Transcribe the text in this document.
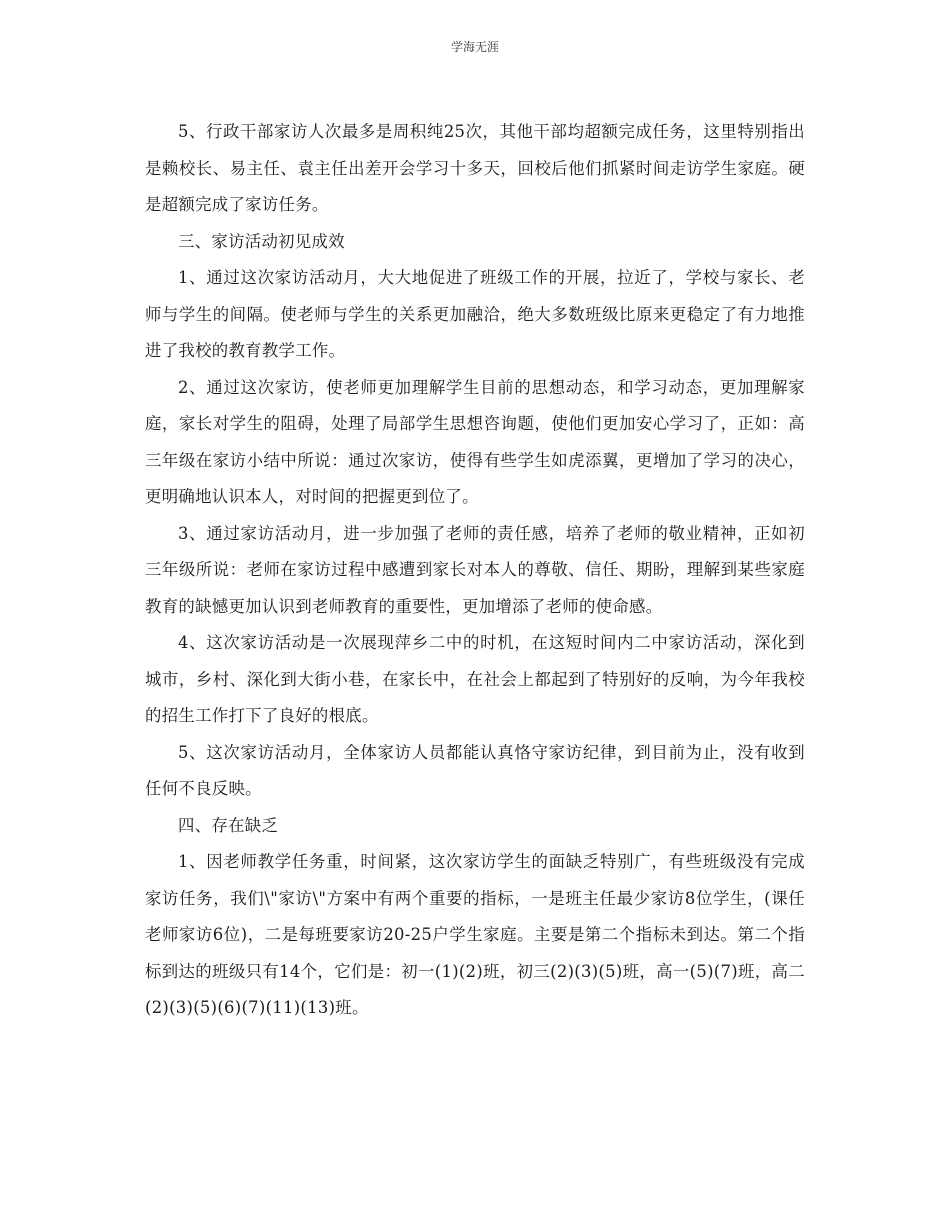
学海无涯

5、行政干部家访人次最多是周积纯25次，其他干部均超额完成任务，这里特别指出是赖校长、易主任、袁主任出差开会学习十多天，回校后他们抓紧时间走访学生家庭。硬是超额完成了家访任务。

三、家访活动初见成效

1、通过这次家访活动月，大大地促进了班级工作的开展，拉近了，学校与家长、老师与学生的间隔。使老师与学生的关系更加融洽，绝大多数班级比原来更稳定了有力地推进了我校的教育教学工作。

2、通过这次家访，使老师更加理解学生目前的思想动态，和学习动态，更加理解家庭，家长对学生的阻碍，处理了局部学生思想咨询题，使他们更加安心学习了，正如：高三年级在家访小结中所说：通过次家访，使得有些学生如虎添翼，更增加了学习的决心，更明确地认识本人，对时间的把握更到位了。

3、通过家访活动月，进一步加强了老师的责任感，培养了老师的敬业精神，正如初三年级所说：老师在家访过程中感遭到家长对本人的尊敬、信任、期盼，理解到某些家庭教育的缺憾更加认识到老师教育的重要性，更加增添了老师的使命感。

4、这次家访活动是一次展现萍乡二中的时机，在这短时间内二中家访活动，深化到城市，乡村、深化到大街小巷，在家长中，在社会上都起到了特别好的反响，为今年我校的招生工作打下了良好的根底。

5、这次家访活动月，全体家访人员都能认真恪守家访纪律，到目前为止，没有收到任何不良反映。

四、存在缺乏

1、因老师教学任务重，时间紧，这次家访学生的面缺乏特别广，有些班级没有完成家访任务，我们\"家访\"方案中有两个重要的指标，一是班主任最少家访8位学生，(课任老师家访6位)，二是每班要家访20-25户学生家庭。主要是第二个指标未到达。第二个指标到达的班级只有14个，它们是：初一(1)(2)班，初三(2)(3)(5)班，高一(5)(7)班，高二(2)(3)(5)(6)(7)(11)(13)班。
